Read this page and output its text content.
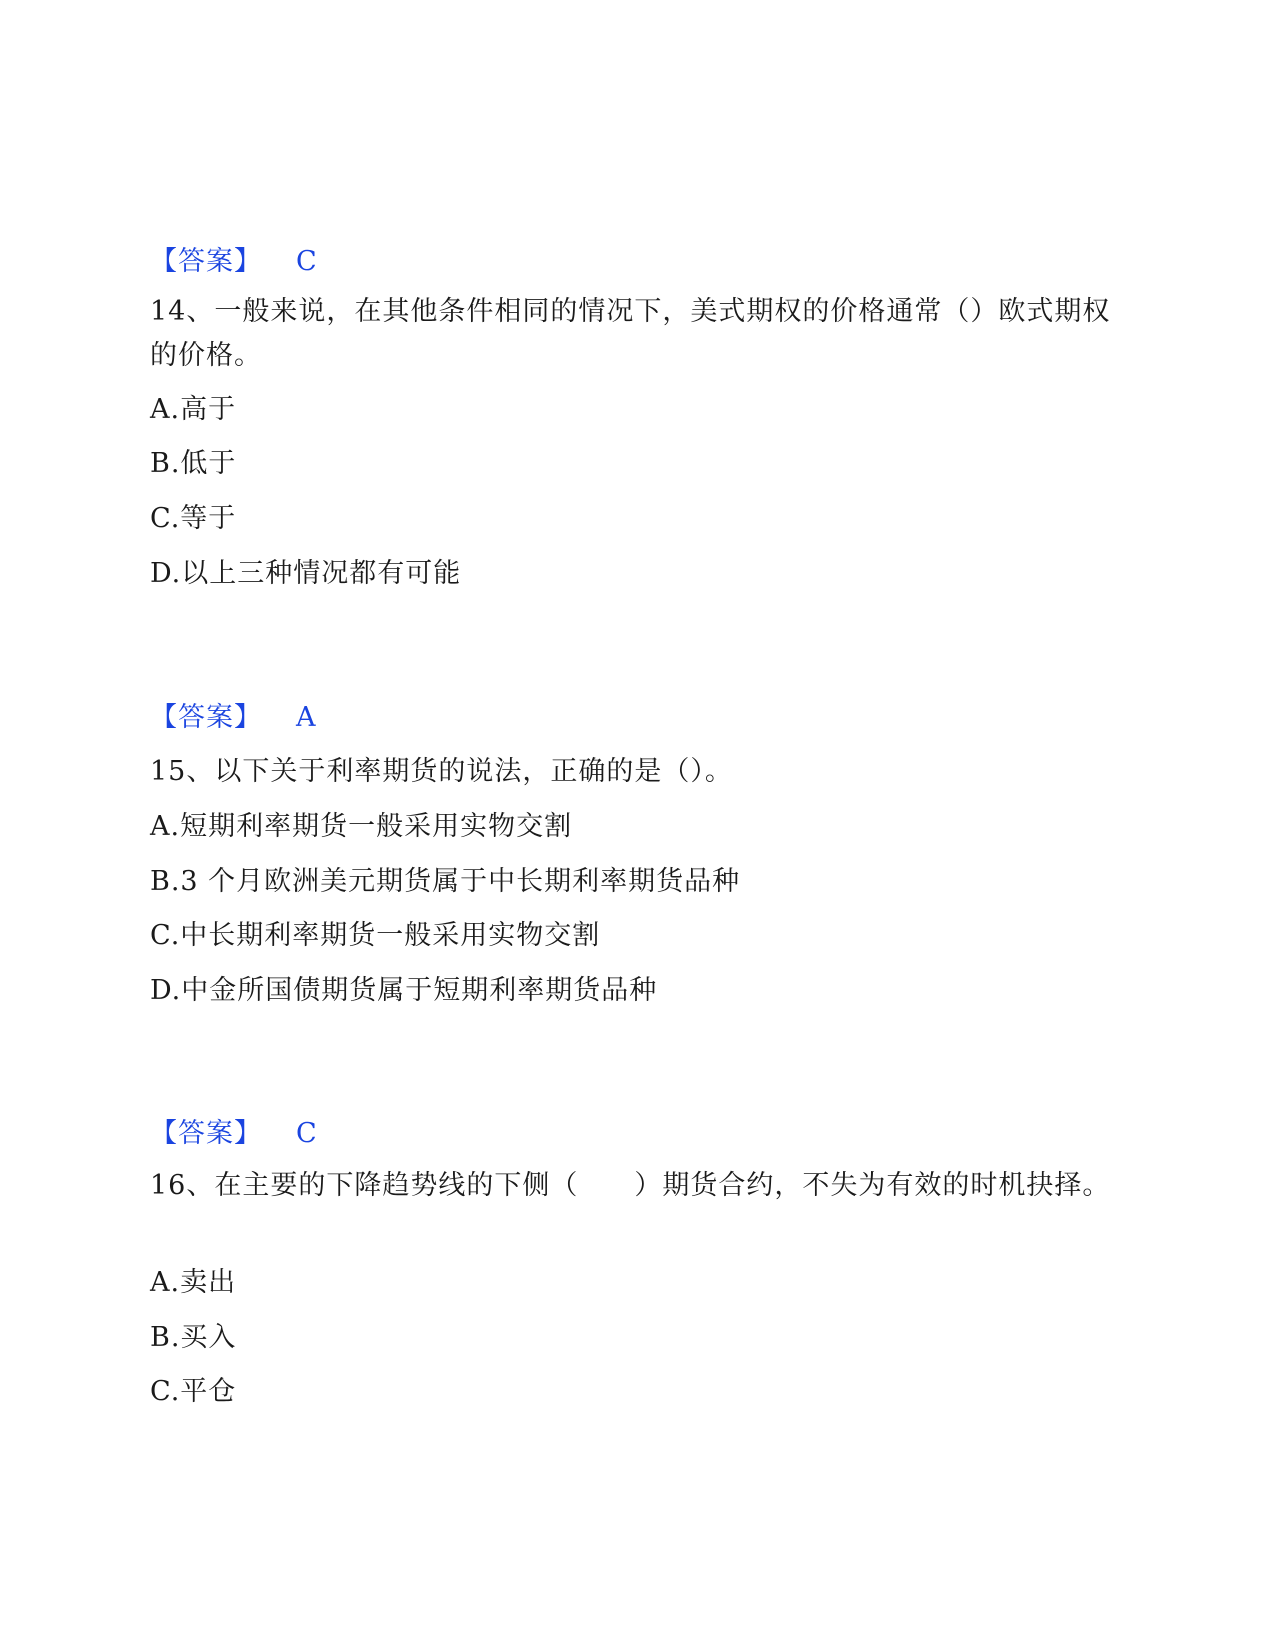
【答案】 C
14、一般来说，在其他条件相同的情况下，美式期权的价格通常（）欧式期权的价格。
A.高于
B.低于
C.等于
D.以上三种情况都有可能
【答案】 A
15、以下关于利率期货的说法，正确的是（）。
A.短期利率期货一般采用实物交割
B.3 个月欧洲美元期货属于中长期利率期货品种
C.中长期利率期货一般采用实物交割
D.中金所国债期货属于短期利率期货品种
【答案】 C
16、在主要的下降趋势线的下侧（　　）期货合约，不失为有效的时机抉择。
A.卖出
B.买入
C.平仓
